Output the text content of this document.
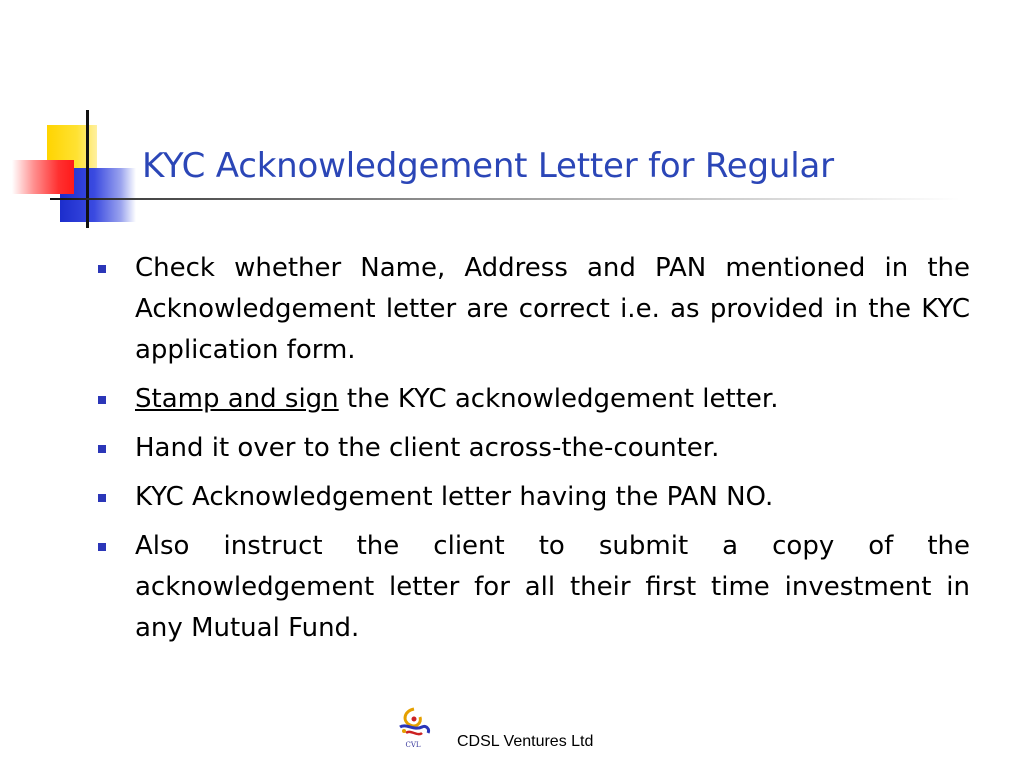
KYC Acknowledgement Letter for Regular
Check whether Name, Address and PAN mentioned in the Acknowledgement letter are correct i.e. as provided in the KYC application form.
Stamp and sign the KYC acknowledgement letter.
Hand it over to the client across-the-counter.
KYC Acknowledgement letter having the PAN NO.
Also instruct the client to submit a copy of the acknowledgement letter for all their first time investment in any Mutual Fund.
CVL CDSL Ventures Ltd
